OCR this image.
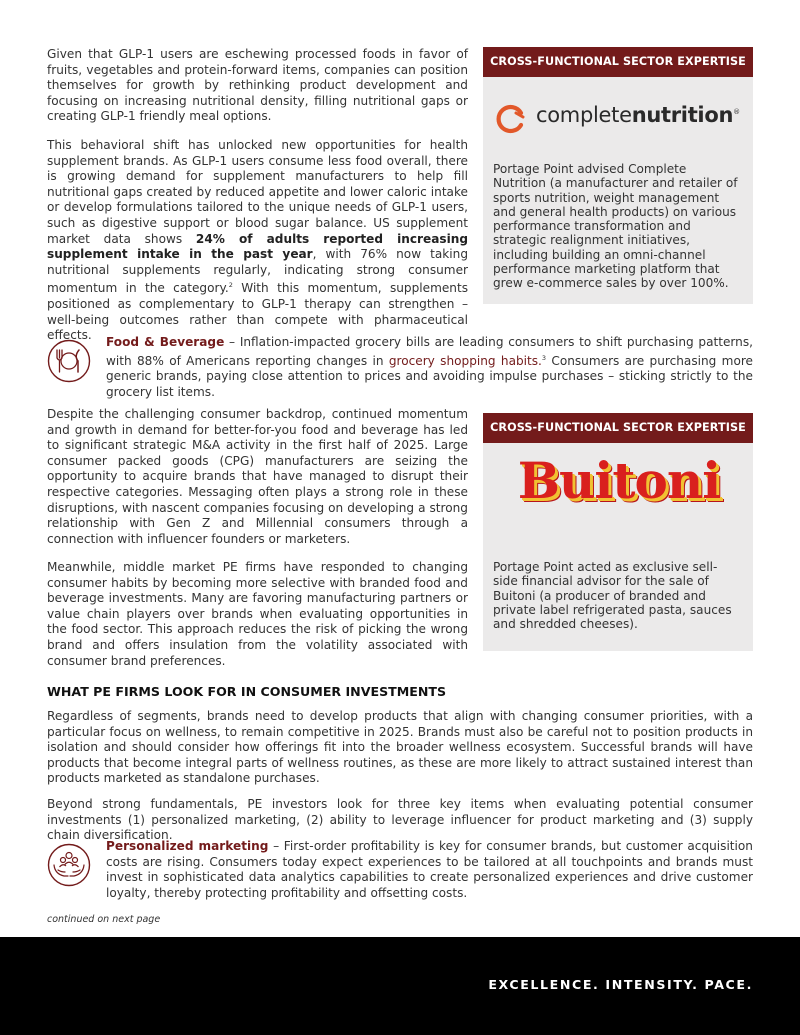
Given that GLP-1 users are eschewing processed foods in favor of fruits, vegetables and protein-forward items, companies can position themselves for growth by rethinking product development and focusing on increasing nutritional density, filling nutritional gaps or creating GLP-1 friendly meal options.

This behavioral shift has unlocked new opportunities for health supplement brands. As GLP-1 users consume less food overall, there is growing demand for supplement manufacturers to help fill nutritional gaps created by reduced appetite and lower caloric intake or develop formulations tailored to the unique needs of GLP-1 users, such as digestive support or blood sugar balance. US supplement market data shows 24% of adults reported increasing supplement intake in the past year, with 76% now taking nutritional supplements regularly, indicating strong consumer momentum in the category.$^2$ With this momentum, supplements positioned as complementary to GLP-1 therapy can strengthen – well-being outcomes rather than compete with pharmaceutical effects.

CROSS-FUNCTIONAL SECTOR EXPERTISE
completenutrition®
Portage Point advised Complete Nutrition (a manufacturer and retailer of sports nutrition, weight management and general health products) on various performance transformation and strategic realignment initiatives, including building an omni-channel performance marketing platform that grew e-commerce sales by over 100%.

Food & Beverage – Inflation-impacted grocery bills are leading consumers to shift purchasing patterns, with 88% of Americans reporting changes in grocery shopping habits.$^3$ Consumers are purchasing more generic brands, paying close attention to prices and avoiding impulse purchases – sticking strictly to the grocery list items.

Despite the challenging consumer backdrop, continued momentum and growth in demand for better-for-you food and beverage has led to significant strategic M&A activity in the first half of 2025. Large consumer packed goods (CPG) manufacturers are seizing the opportunity to acquire brands that have managed to disrupt their respective categories. Messaging often plays a strong role in these disruptions, with nascent companies focusing on developing a strong relationship with Gen Z and Millennial consumers through a connection with influencer founders or marketers.

CROSS-FUNCTIONAL SECTOR EXPERTISE
Buitoni
Portage Point acted as exclusive sell-side financial advisor for the sale of Buitoni (a producer of branded and private label refrigerated pasta, sauces and shredded cheeses).

Meanwhile, middle market PE firms have responded to changing consumer habits by becoming more selective with branded food and beverage investments. Many are favoring manufacturing partners or value chain players over brands when evaluating opportunities in the food sector. This approach reduces the risk of picking the wrong brand and offers insulation from the volatility associated with consumer brand preferences.

WHAT PE FIRMS LOOK FOR IN CONSUMER INVESTMENTS

Regardless of segments, brands need to develop products that align with changing consumer priorities, with a particular focus on wellness, to remain competitive in 2025. Brands must also be careful not to position products in isolation and should consider how offerings fit into the broader wellness ecosystem. Successful brands will have products that become integral parts of wellness routines, as these are more likely to attract sustained interest than products marketed as standalone purchases.

Beyond strong fundamentals, PE investors look for three key items when evaluating potential consumer investments (1) personalized marketing, (2) ability to leverage influencer for product marketing and (3) supply chain diversification.

Personalized marketing – First-order profitability is key for consumer brands, but customer acquisition costs are rising. Consumers today expect experiences to be tailored at all touchpoints and brands must invest in sophisticated data analytics capabilities to create personalized experiences and drive customer loyalty, thereby protecting profitability and offsetting costs.

continued on next page
EXCELLENCE. INTENSITY. PACE.
